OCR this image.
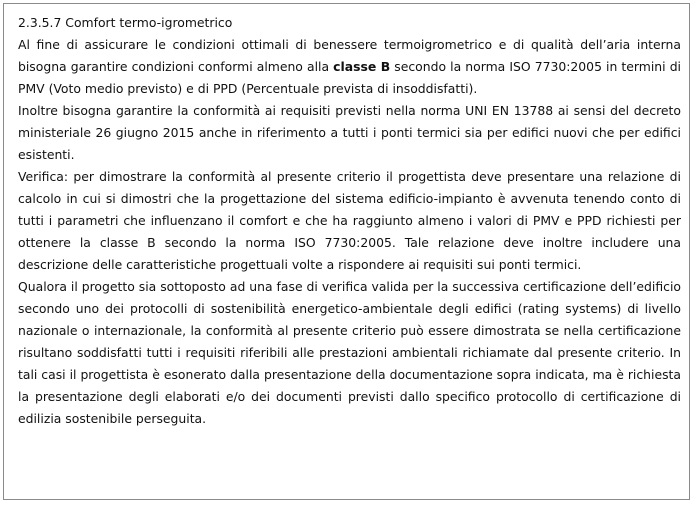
2.3.5.7 Comfort termo-igrometrico

Al fine di assicurare le condizioni ottimali di benessere termoigrometrico e di qualità dell’aria interna bisogna garantire condizioni conformi almeno alla classe B secondo la norma ISO 7730:2005 in termini di PMV (Voto medio previsto) e di PPD (Percentuale prevista di insoddisfatti).

Inoltre bisogna garantire la conformità ai requisiti previsti nella norma UNI EN 13788 ai sensi del decreto ministeriale 26 giugno 2015 anche in riferimento a tutti i ponti termici sia per edifici nuovi che per edifici esistenti.

Verifica: per dimostrare la conformità al presente criterio il progettista deve presentare una relazione di calcolo in cui si dimostri che la progettazione del sistema edificio-impianto è avvenuta tenendo conto di tutti i parametri che influenzano il comfort e che ha raggiunto almeno i valori di PMV e PPD richiesti per ottenere la classe B secondo la norma ISO 7730:2005. Tale relazione deve inoltre includere una descrizione delle caratteristiche progettuali volte a rispondere ai requisiti sui ponti termici.

Qualora il progetto sia sottoposto ad una fase di verifica valida per la successiva certificazione dell’edificio secondo uno dei protocolli di sostenibilità energetico-ambientale degli edifici (rating systems) di livello nazionale o internazionale, la conformità al presente criterio può essere dimostrata se nella certificazione risultano soddisfatti tutti i requisiti riferibili alle prestazioni ambientali richiamate dal presente criterio. In tali casi il progettista è esonerato dalla presentazione della documentazione sopra indicata, ma è richiesta la presentazione degli elaborati e/o dei documenti previsti dallo specifico protocollo di certificazione di edilizia sostenibile perseguita.
